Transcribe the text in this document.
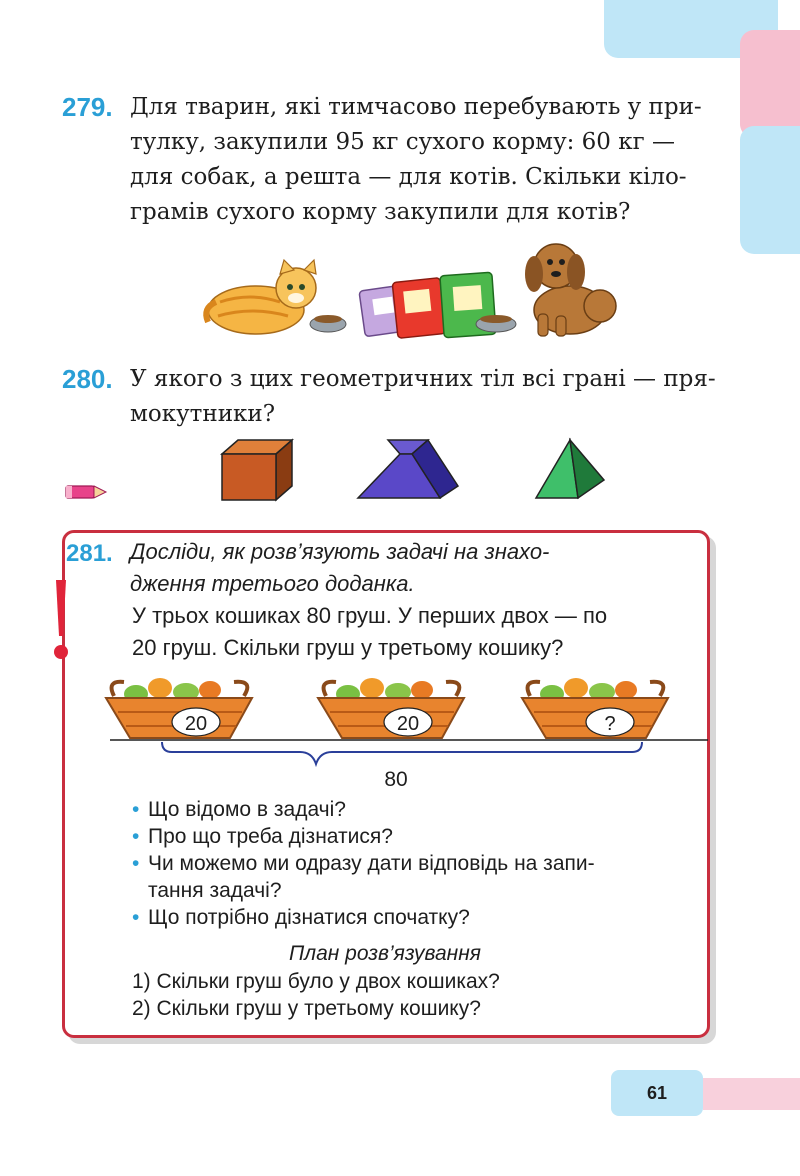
279. Для тварин, які тимчасово перебувають у при-
тулку, закупили 95 кг сухого корму: 60 кг —
для собак, а решта — для котів. Скільки кіло-
грамів сухого корму закупили для котів?
280. У якого з цих геометричних тіл всі грані — пря-
мокутники?
281. Досліди, як розв’язують задачі на знахо-
дження третього доданка.
У трьох кошиках 80 груш. У перших двох — по
20 груш. Скільки груш у третьому кошику?
20	20	?
80
• Що відомо в задачі?
• Про що треба дізнатися?
• Чи можемо ми одразу дати відповідь на запи-
тання задачі?
• Що потрібно дізнатися спочатку?
План розв’язування
1) Скільки груш було у двох кошиках?
2) Скільки груш у третьому кошику?
61
